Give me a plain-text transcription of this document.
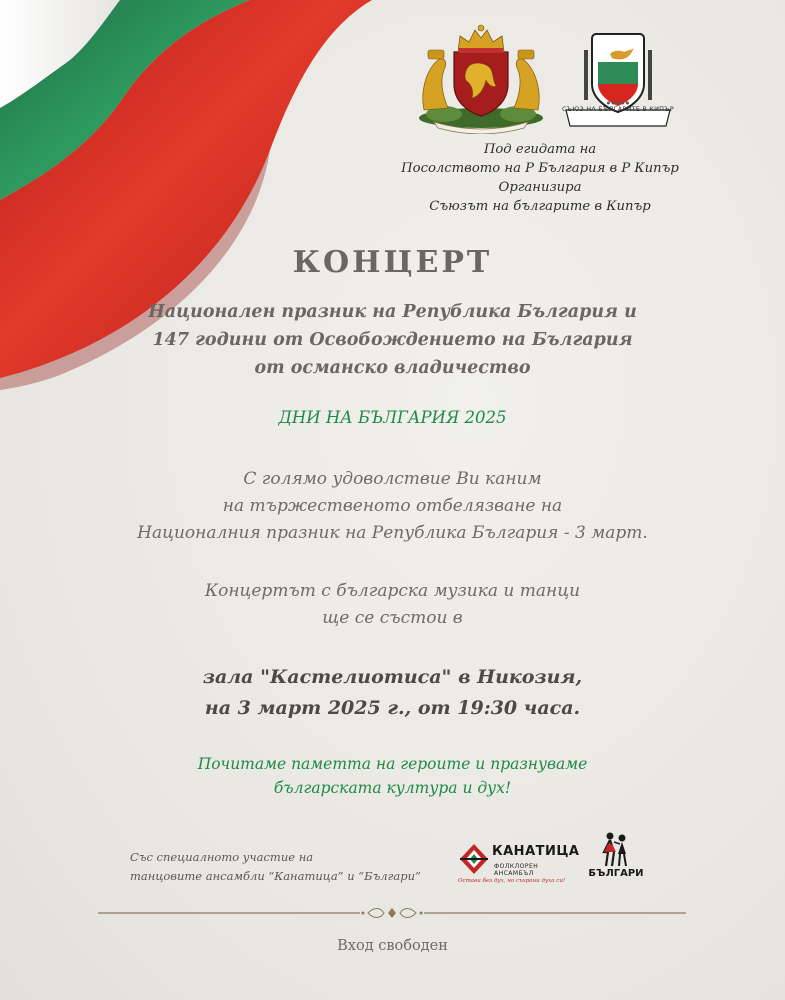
● ● ● ● ●
СЪЮЗ НА БЪЛГАРИТЕ В КИПЪР
Под егидата на
Посолството на Р България в Р Кипър
Организира
Съюзът на българите в Кипър
КОНЦЕРТ
Национален празник на Република България и
147 години от Освобождението на България
от османско владичество
ДНИ НА БЪЛГАРИЯ 2025
С голямо удоволствие Ви каним
на тържественото отбелязване на
Националния празник на Република България - 3 март.
Концертът с българска музика и танци
ще се състои в
зала "Кастелиотиса" в Никозия,
на 3 март 2025 г., от 19:30 часа.
Почитаме паметта на героите и празнуваме
българската култура и дух!
Със специалното участие на
танцовите ансамбли “Канатица” и “Българи”
КАНАТИЦА
ФОЛКЛОРЕН АНСАМБЪЛ
Остави без дух, но съхрани духа си!
БЪЛГАРИ
Вход свободен
